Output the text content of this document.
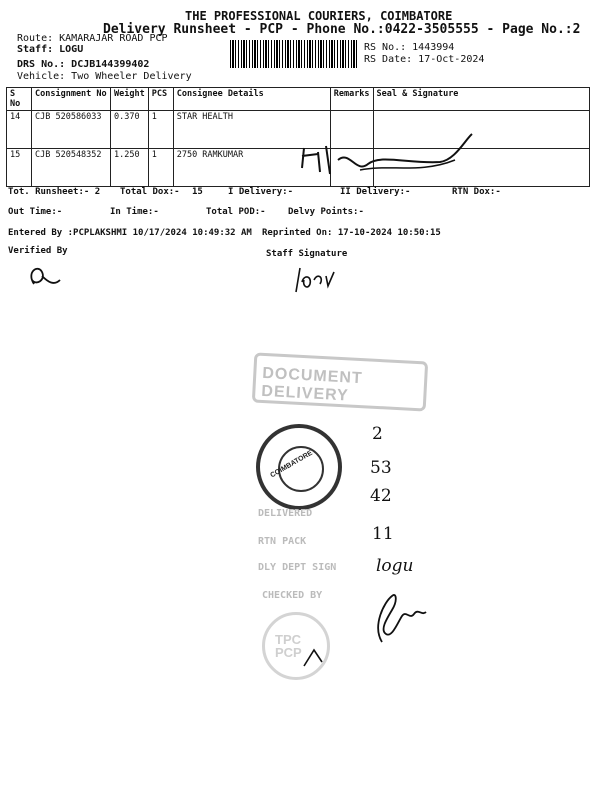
THE PROFESSIONAL COURIERS, COIMBATORE
Delivery Runsheet - PCP - Phone No.:0422-3505555 - Page No.:2
Route: KAMARAJAR ROAD PCP
Staff: LOGU	RS No.: 1443994
RS Date: 17-Oct-2024
DRS No.: DCJB144399402
Vehicle: Two Wheeler Delivery
S No	Consignment No	Weight	PCS	Consignee Details	Remarks	Seal & Signature
14	CJB 520586033	0.370	1	STAR HEALTH		
15	CJB 520548352	1.250	1	2750 RAMKUMAR		
Tot. Runsheet:- 2 Total Dox:- 15	I Delivery:-	II Delivery:-	RTN Dox:-
Out Time:-	In Time:-	Total POD:- Delvy Points:-
Entered By :PCPLAKSHMI 10/17/2024 10:49:32 AM Reprinted On: 17-10-2024 10:50:15
Verified By	Staff Signature
DOCUMENT DELIVERY
COIMBATORE
DELIVERED
RTN PACK
DLY DEPT SIGN
CHECKED BY
TPC PCP
2
53
42
11
logu
